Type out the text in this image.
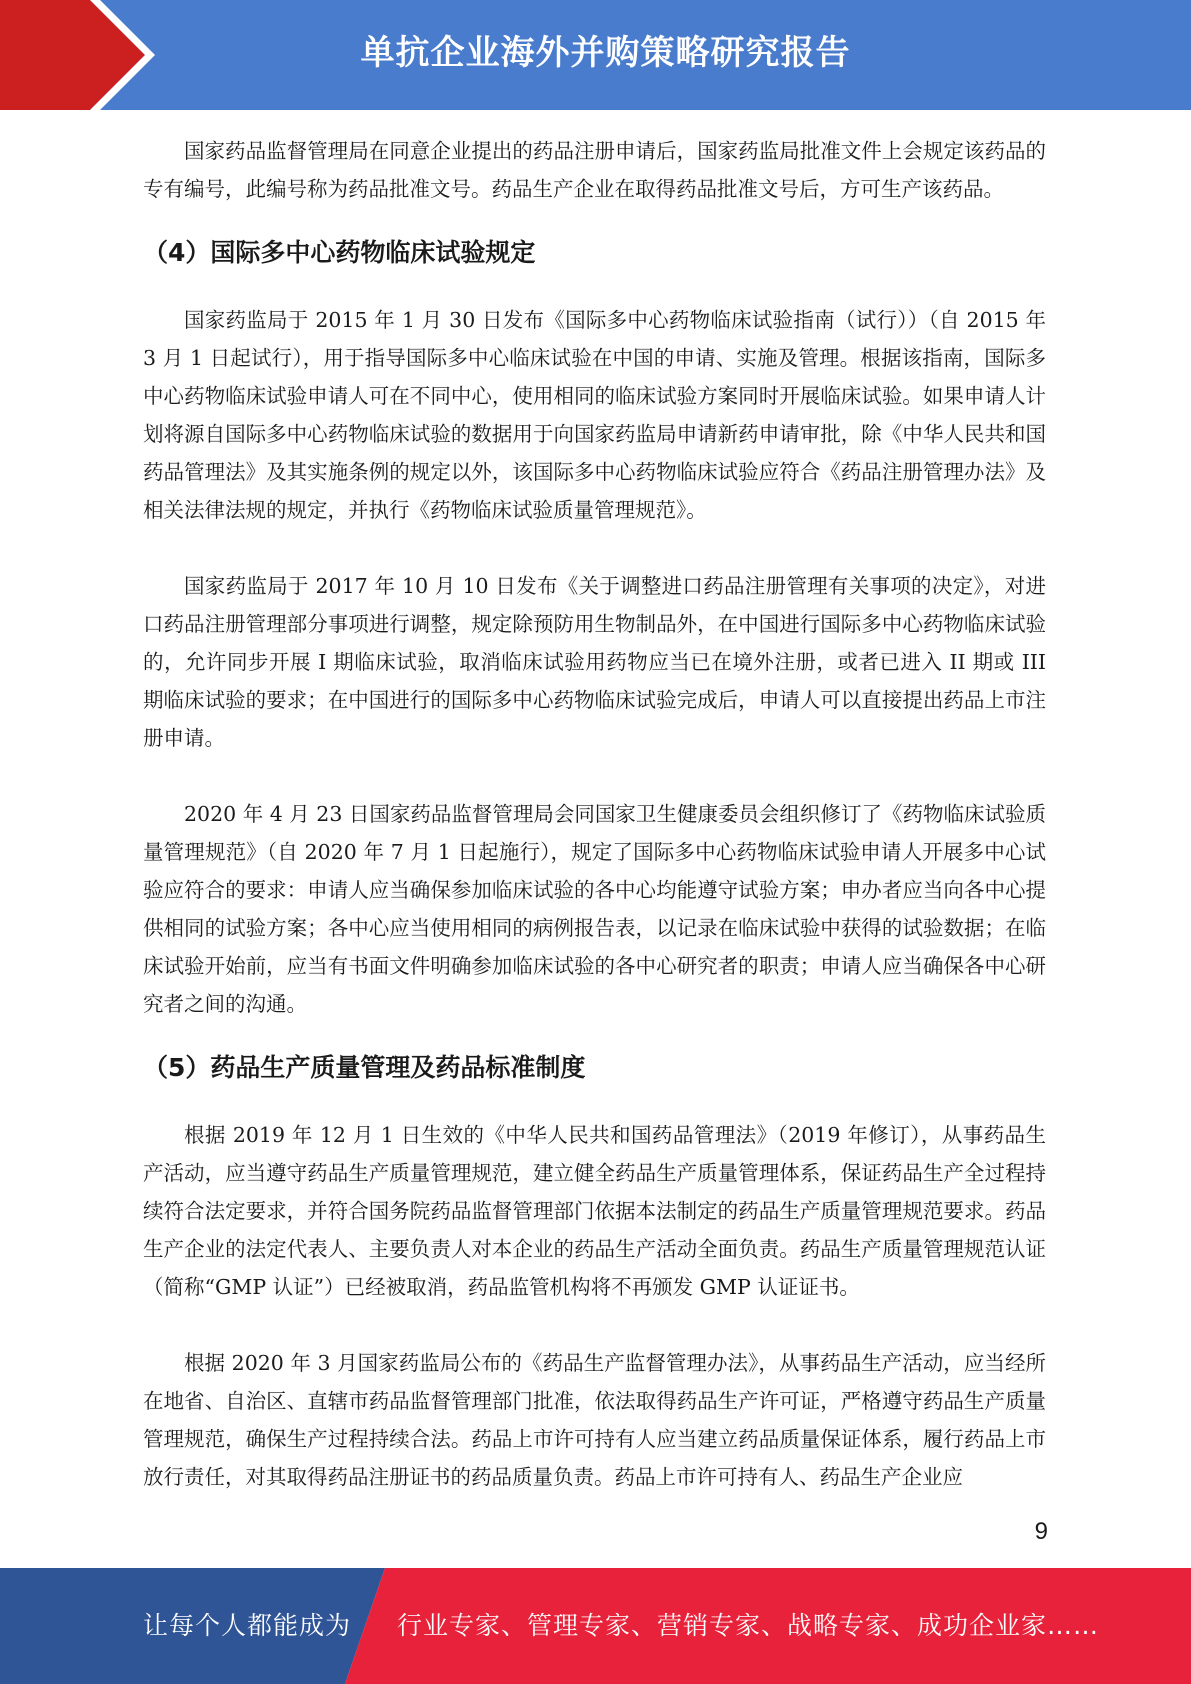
单抗企业海外并购策略研究报告

国家药品监督管理局在同意企业提出的药品注册申请后，国家药监局批准文件上会规定该药品的专有编号，此编号称为药品批准文号。药品生产企业在取得药品批准文号后，方可生产该药品。

（4）国际多中心药物临床试验规定

国家药监局于 2015 年 1 月 30 日发布《国际多中心药物临床试验指南（试行））（自 2015 年 3 月 1 日起试行），用于指导国际多中心临床试验在中国的申请、实施及管理。根据该指南，国际多中心药物临床试验申请人可在不同中心，使用相同的临床试验方案同时开展临床试验。如果申请人计划将源自国际多中心药物临床试验的数据用于向国家药监局申请新药申请审批，除《中华人民共和国药品管理法》及其实施条例的规定以外，该国际多中心药物临床试验应符合《药品注册管理办法》及相关法律法规的规定，并执行《药物临床试验质量管理规范》。

国家药监局于 2017 年 10 月 10 日发布《关于调整进口药品注册管理有关事项的决定》，对进口药品注册管理部分事项进行调整，规定除预防用生物制品外，在中国进行国际多中心药物临床试验的，允许同步开展 I 期临床试验，取消临床试验用药物应当已在境外注册，或者已进入 II 期或 III 期临床试验的要求；在中国进行的国际多中心药物临床试验完成后，申请人可以直接提出药品上市注册申请。

2020 年 4 月 23 日国家药品监督管理局会同国家卫生健康委员会组织修订了《药物临床试验质量管理规范》（自 2020 年 7 月 1 日起施行），规定了国际多中心药物临床试验申请人开展多中心试验应符合的要求：申请人应当确保参加临床试验的各中心均能遵守试验方案；申办者应当向各中心提供相同的试验方案；各中心应当使用相同的病例报告表，以记录在临床试验中获得的试验数据；在临床试验开始前，应当有书面文件明确参加临床试验的各中心研究者的职责；申请人应当确保各中心研究者之间的沟通。

（5）药品生产质量管理及药品标准制度

根据 2019 年 12 月 1 日生效的《中华人民共和国药品管理法》（2019 年修订），从事药品生产活动，应当遵守药品生产质量管理规范，建立健全药品生产质量管理体系，保证药品生产全过程持续符合法定要求，并符合国务院药品监督管理部门依据本法制定的药品生产质量管理规范要求。药品生产企业的法定代表人、主要负责人对本企业的药品生产活动全面负责。药品生产质量管理规范认证（简称“GMP 认证”）已经被取消，药品监管机构将不再颁发 GMP 认证证书。

根据 2020 年 3 月国家药监局公布的《药品生产监督管理办法》，从事药品生产活动，应当经所在地省、自治区、直辖市药品监督管理部门批准，依法取得药品生产许可证，严格遵守药品生产质量管理规范，确保生产过程持续合法。药品上市许可持有人应当建立药品质量保证体系，履行药品上市放行责任，对其取得药品注册证书的药品质量负责。药品上市许可持有人、药品生产企业应

9
让每个人都能成为 行业专家、管理专家、营销专家、战略专家、成功企业家……
